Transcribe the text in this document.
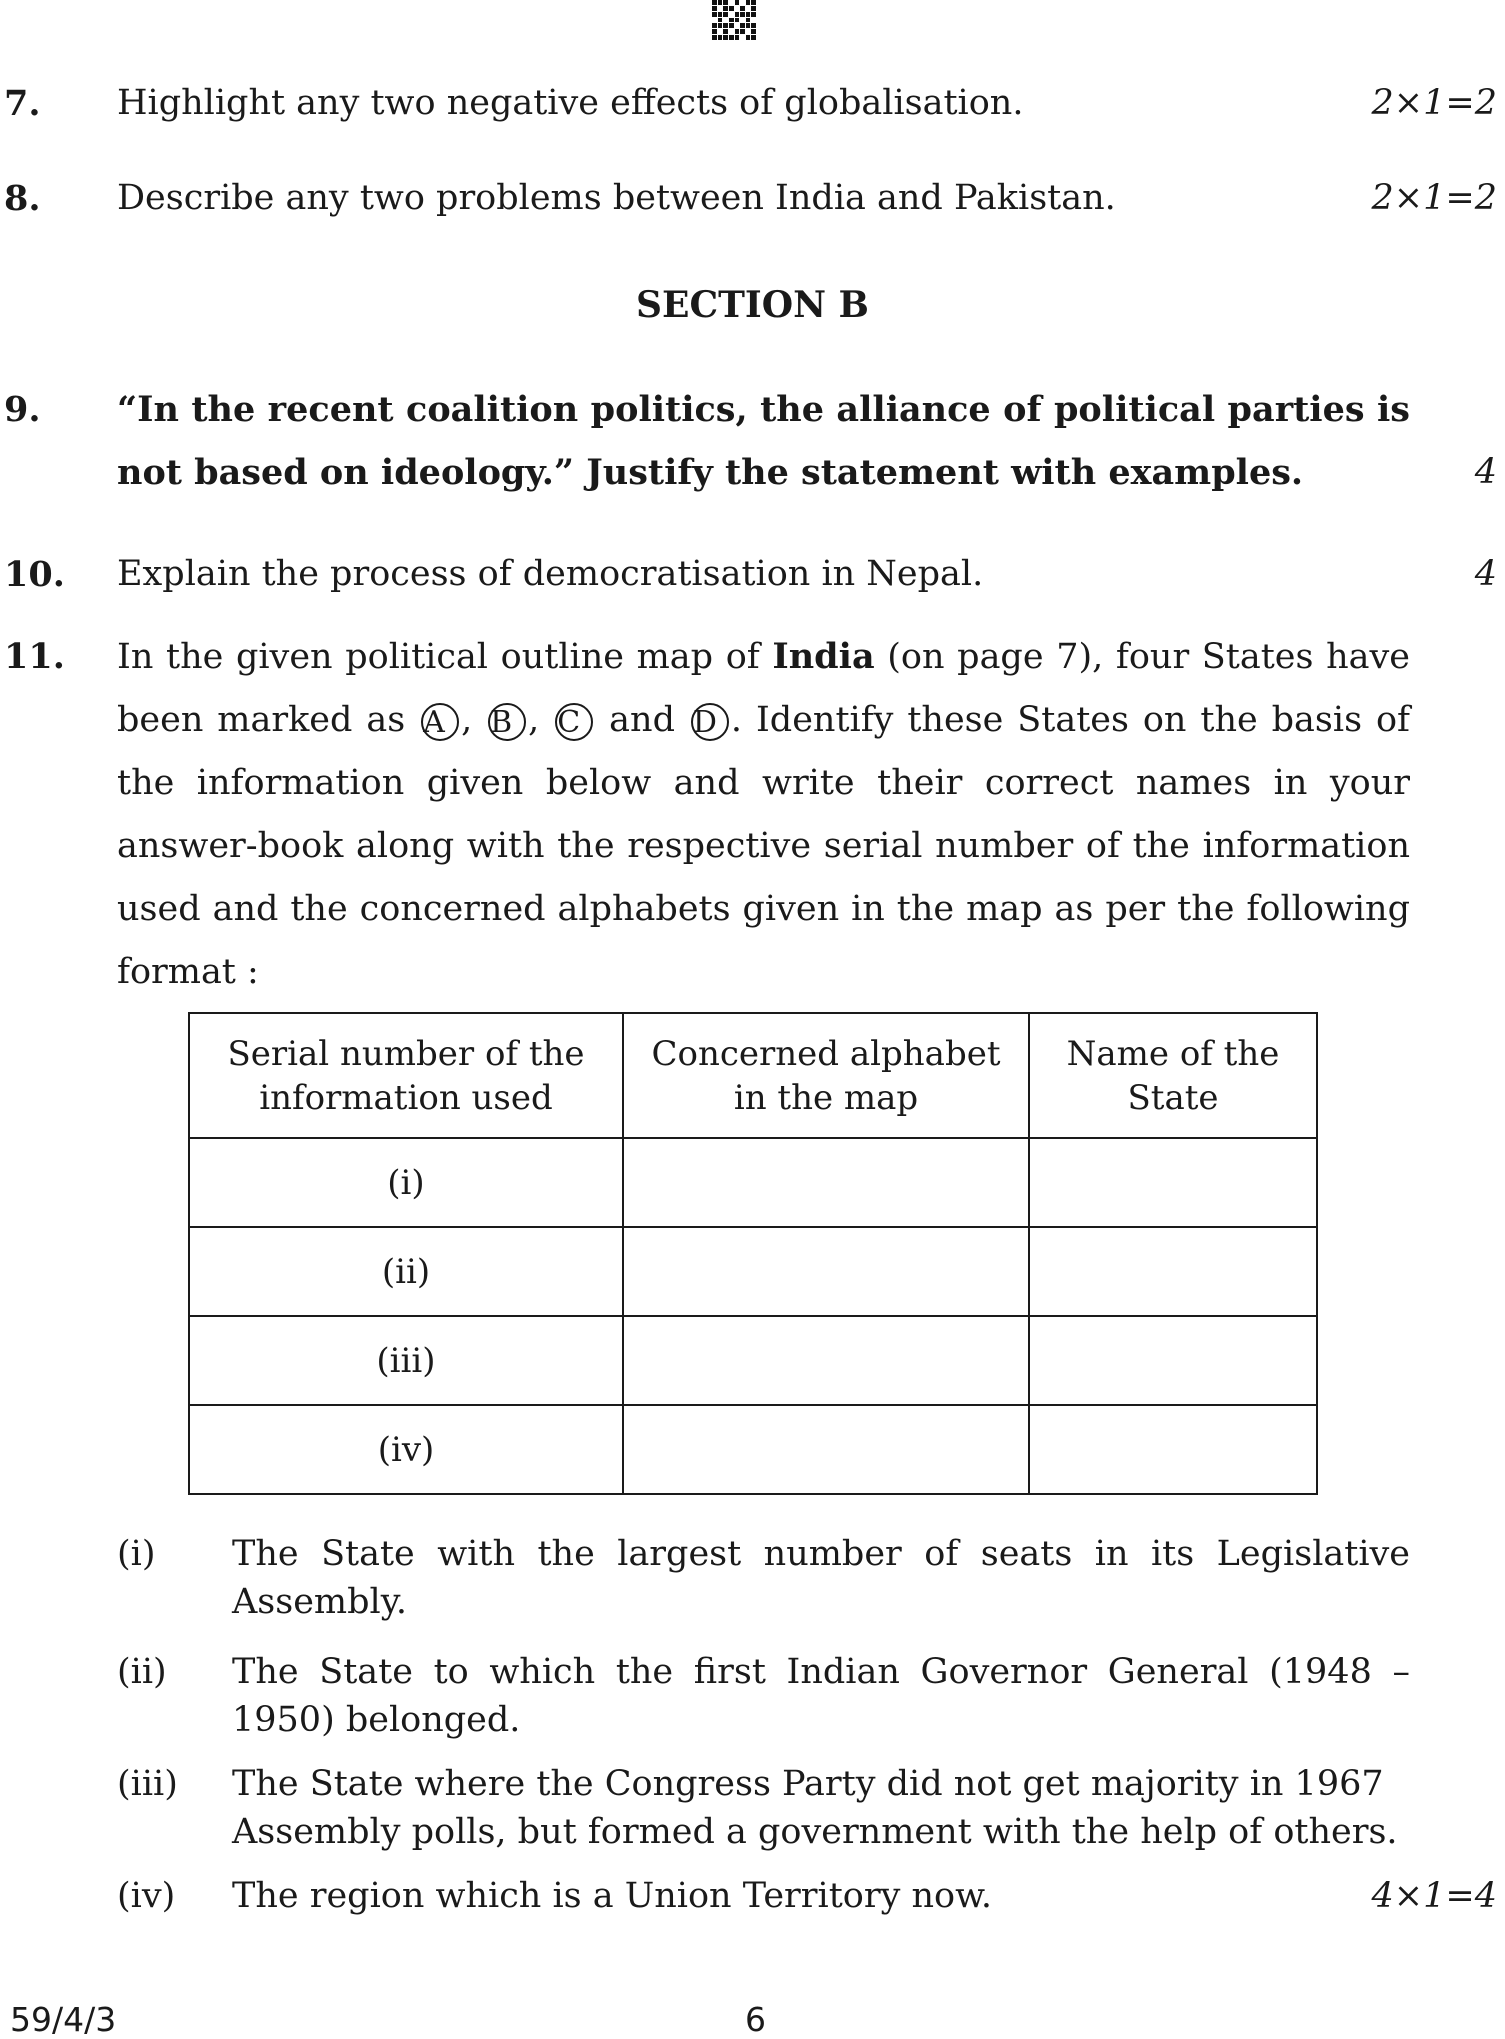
7. Highlight any two negative effects of globalisation.	2×1=2
8. Describe any two problems between India and Pakistan.	2×1=2
SECTION B
9. “In the recent coalition politics, the alliance of political parties is not based on ideology.” Justify the statement with examples.	4
10. Explain the process of democratisation in Nepal.	4
11. In the given political outline map of India (on page 7), four States have been marked as A , B , C and D . Identify these States on the basis of the information given below and write their correct names in your answer-book along with the respective serial number of the information used and the concerned alphabets given in the map as per the following format :
Serial number of the information used	Concerned alphabet in the map	Name of the State

(i)		
(ii)		
(iii)		
(iv)		
(i) The State with the largest number of seats in its Legislative Assembly.
(ii) The State to which the first Indian Governor General (1948 – 1950) belonged.
(iii) The State where the Congress Party did not get majority in 1967 Assembly polls, but formed a government with the help of others.
(iv) The region which is a Union Territory now.	4×1=4
59/4/3	6
